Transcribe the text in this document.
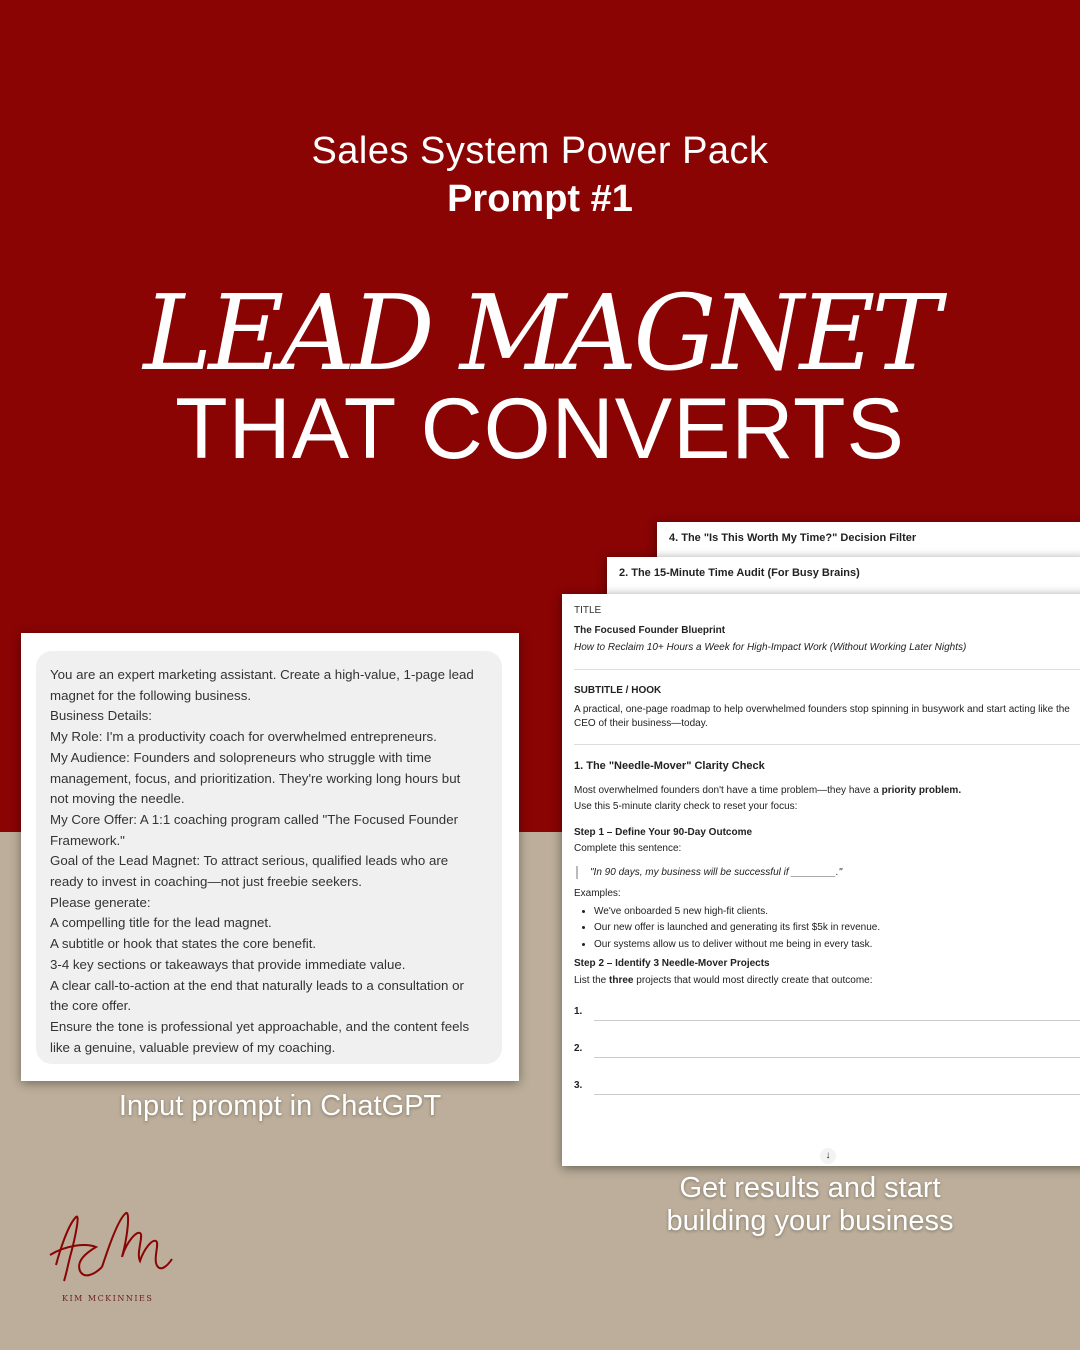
Sales System Power Pack
Prompt #1
LEAD MAGNET
THAT CONVERTS
4. The "Is This Worth My Time?" Decision Filter
2. The 15-Minute Time Audit (For Busy Brains)
TITLE
The Focused Founder Blueprint
How to Reclaim 10+ Hours a Week for High-Impact Work (Without Working Later Nights)
SUBTITLE / HOOK
A practical, one-page roadmap to help overwhelmed founders stop spinning in busywork and start acting like the CEO of their business—today.
1. The "Needle-Mover" Clarity Check
Most overwhelmed founders don't have a time problem—they have a priority problem.
Use this 5-minute clarity check to reset your focus:
Step 1 – Define Your 90-Day Outcome
Complete this sentence:
"In 90 days, my business will be successful if ________."
Examples:
• We've onboarded 5 new high-fit clients.
• Our new offer is launched and generating its first $5k in revenue.
• Our systems allow us to deliver without me being in every task.
Step 2 – Identify 3 Needle-Mover Projects
List the three projects that would most directly create that outcome:
1.
2.
3.
↓
You are an expert marketing assistant. Create a high-value, 1-page lead
magnet for the following business.
Business Details:
My Role: I'm a productivity coach for overwhelmed entrepreneurs.
My Audience: Founders and solopreneurs who struggle with time
management, focus, and prioritization. They're working long hours but
not moving the needle.
My Core Offer: A 1:1 coaching program called "The Focused Founder
Framework."
Goal of the Lead Magnet: To attract serious, qualified leads who are
ready to invest in coaching—not just freebie seekers.
Please generate:
A compelling title for the lead magnet.
A subtitle or hook that states the core benefit.
3-4 key sections or takeaways that provide immediate value.
A clear call-to-action at the end that naturally leads to a consultation or
the core offer.
Ensure the tone is professional yet approachable, and the content feels
like a genuine, valuable preview of my coaching.
Input prompt in ChatGPT
Get results and start
building your business
KIM MCKINNIES
